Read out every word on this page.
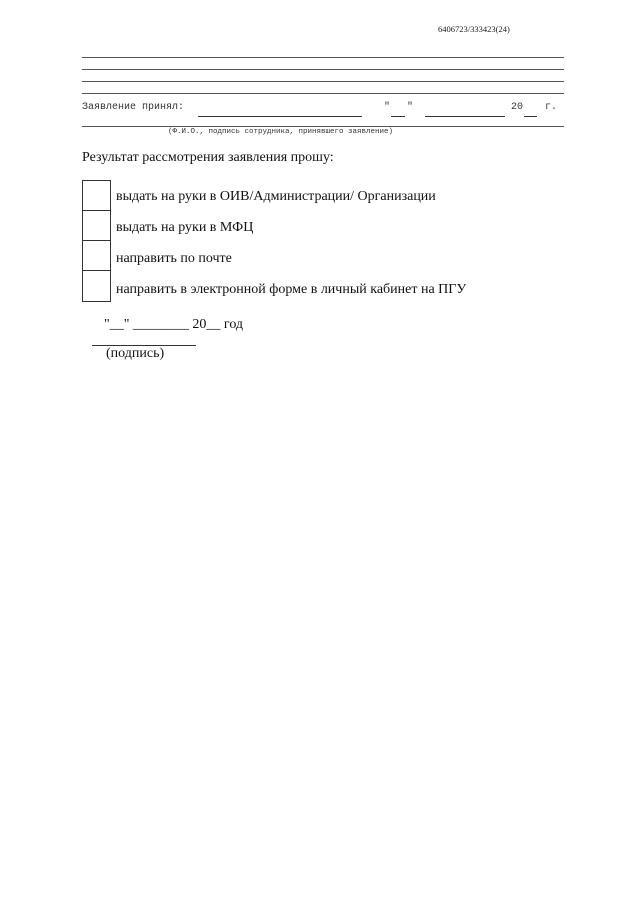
6406723/333423(24)
Заявление принял:	" "	20 г.
(Ф.И.О., подпись сотрудника, принявшего заявление)
Результат рассмотрения заявления прошу:
выдать на руки в ОИВ/Администрации/ Организации
выдать на руки в МФЦ
направить по почте
направить в электронной форме в личный кабинет на ПГУ
"__" ________ 20__ год
(подпись)
